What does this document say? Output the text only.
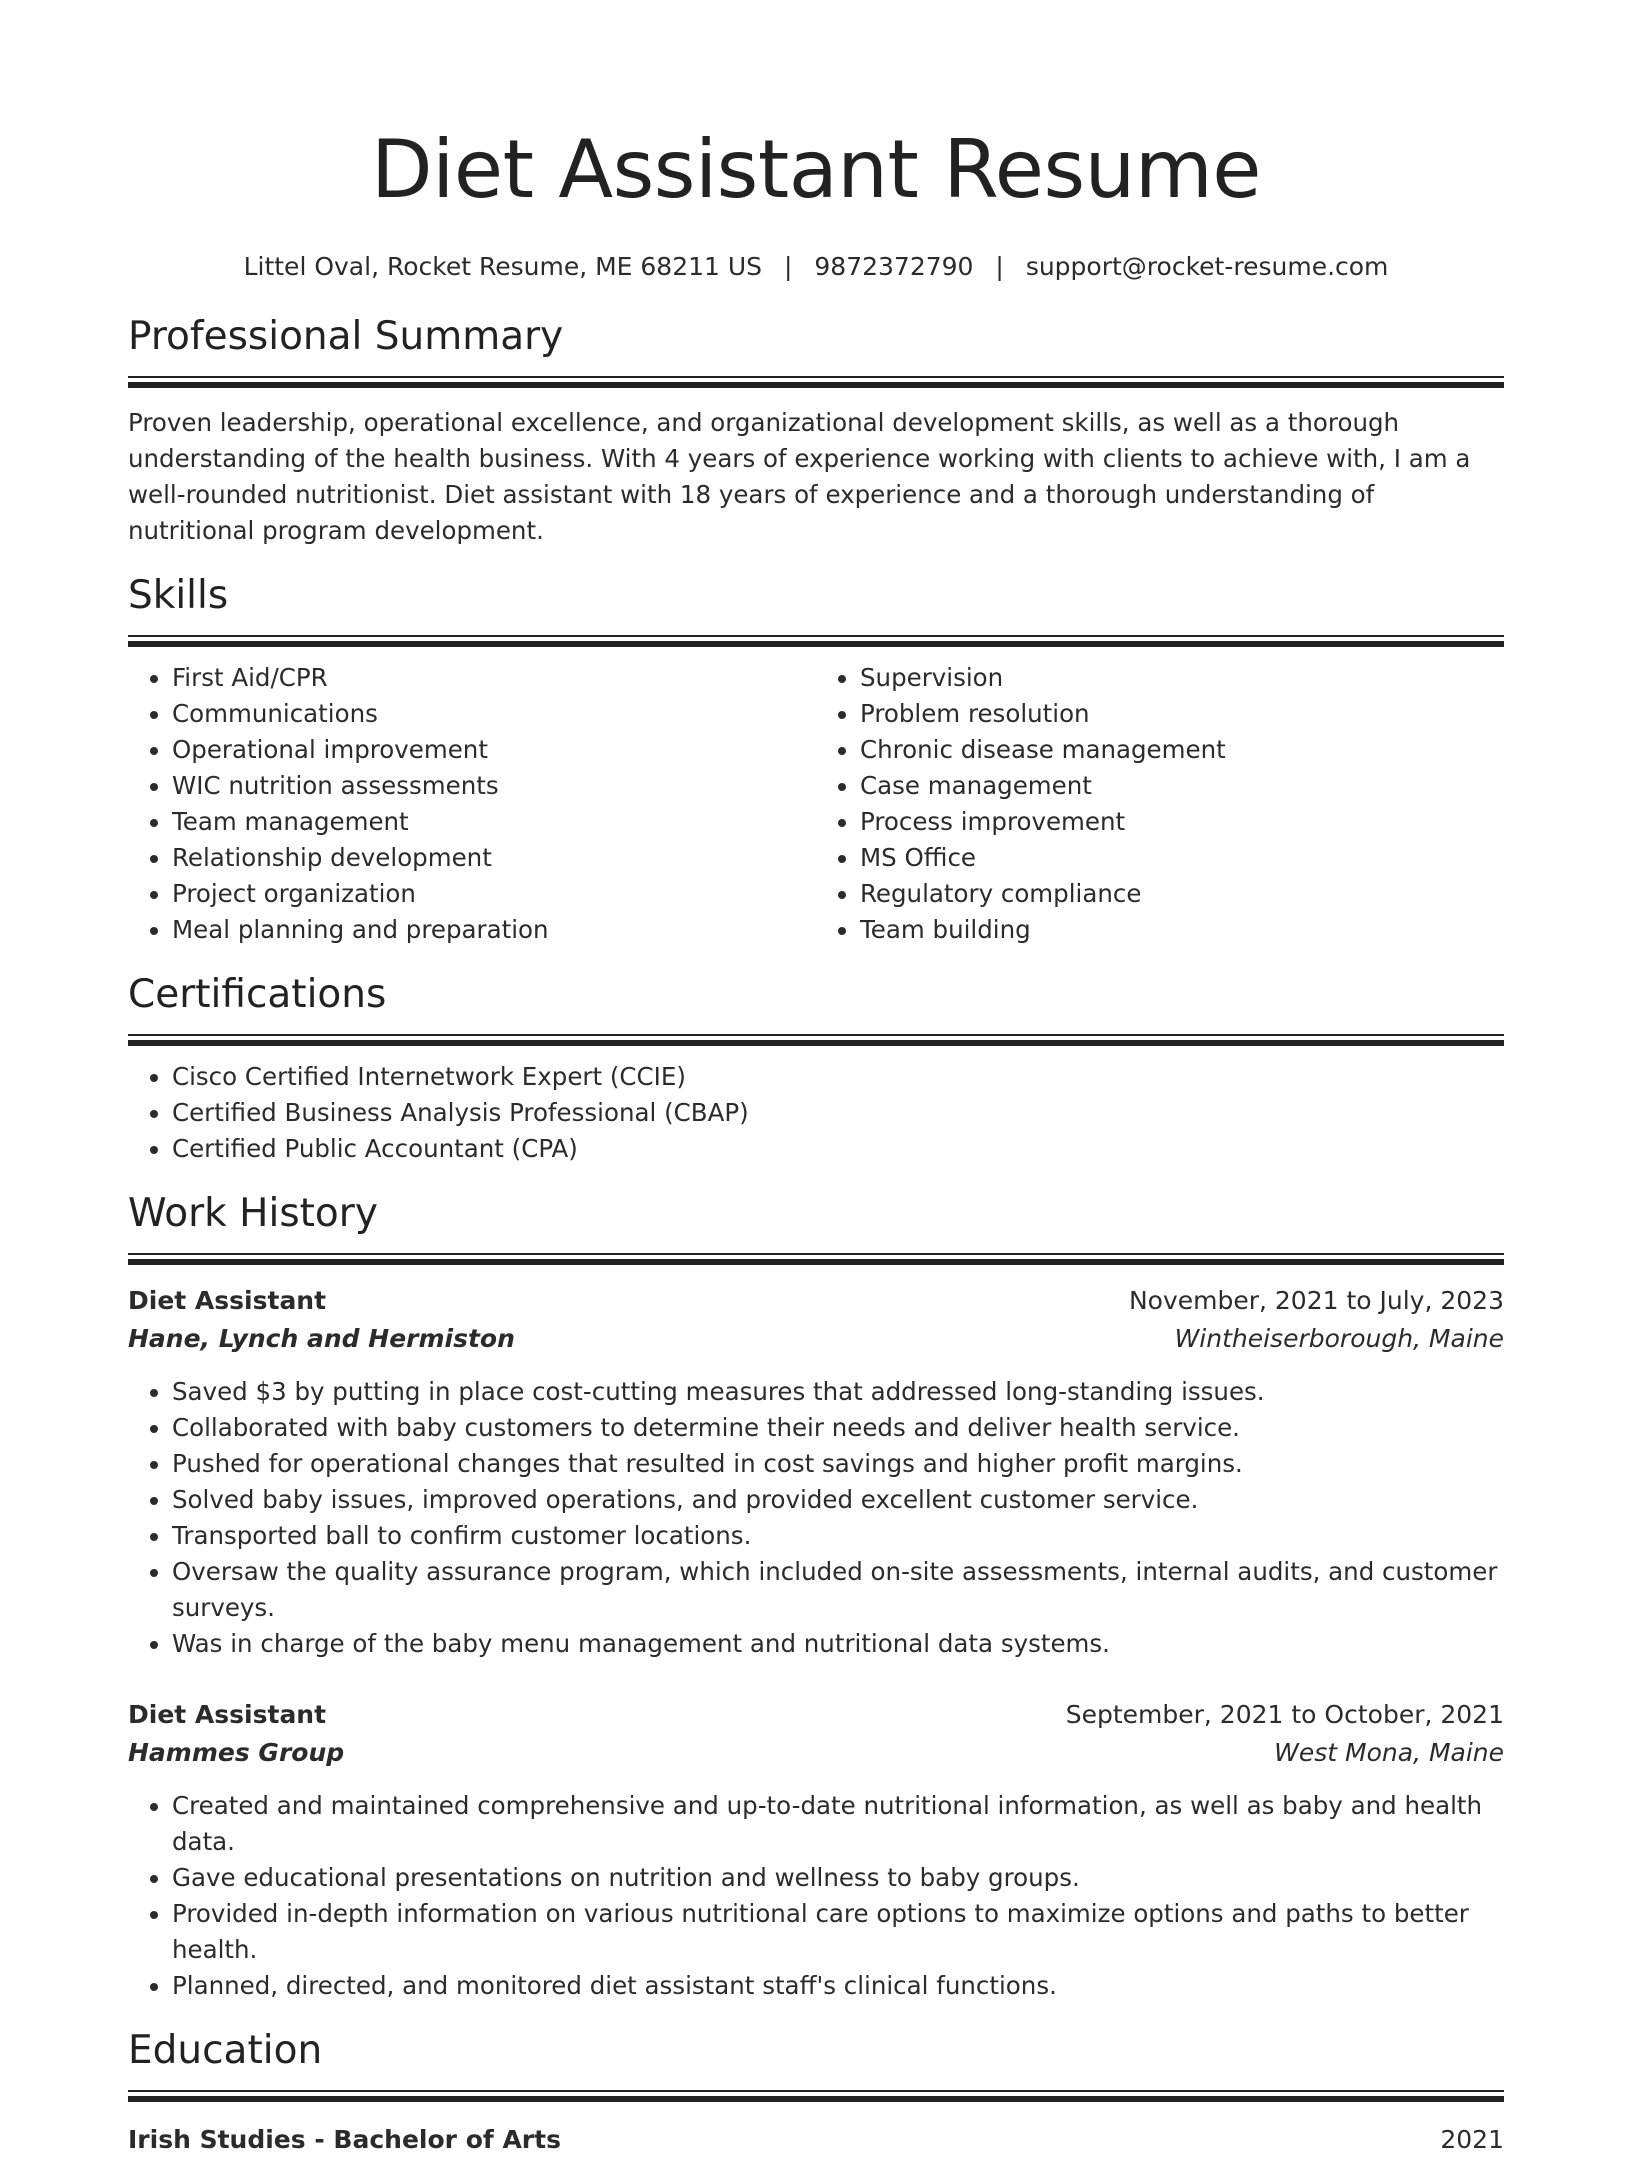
Diet Assistant Resume
Littel Oval, Rocket Resume, ME 68211 US | 9872372790 | support@rocket-resume.com
Professional Summary

Proven leadership, operational excellence, and organizational development skills, as well as a thorough understanding of the health business. With 4 years of experience working with clients to achieve with, I am a well-rounded nutritionist. Diet assistant with 18 years of experience and a thorough understanding of nutritional program development.

Skills
• First Aid/CPR
• Communications
• Operational improvement
• WIC nutrition assessments
• Team management
• Relationship development
• Project organization
• Meal planning and preparation
• Supervision
• Problem resolution
• Chronic disease management
• Case management
• Process improvement
• MS Office
• Regulatory compliance
• Team building
Certifications
• Cisco Certified Internetwork Expert (CCIE)
• Certified Business Analysis Professional (CBAP)
• Certified Public Accountant (CPA)
Work History
Diet Assistant	November, 2021 to July, 2023
Hane, Lynch and Hermiston	Wintheiserborough, Maine
• Saved $3 by putting in place cost-cutting measures that addressed long-standing issues.
• Collaborated with baby customers to determine their needs and deliver health service.
• Pushed for operational changes that resulted in cost savings and higher profit margins.
• Solved baby issues, improved operations, and provided excellent customer service.
• Transported ball to confirm customer locations.
• Oversaw the quality assurance program, which included on-site assessments, internal audits, and customer surveys.
• Was in charge of the baby menu management and nutritional data systems.
Diet Assistant	September, 2021 to October, 2021
Hammes Group	West Mona, Maine
• Created and maintained comprehensive and up-to-date nutritional information, as well as baby and health data.
• Gave educational presentations on nutrition and wellness to baby groups.
• Provided in-depth information on various nutritional care options to maximize options and paths to better health.
• Planned, directed, and monitored diet assistant staff's clinical functions.
Education
Irish Studies - Bachelor of Arts	2021
